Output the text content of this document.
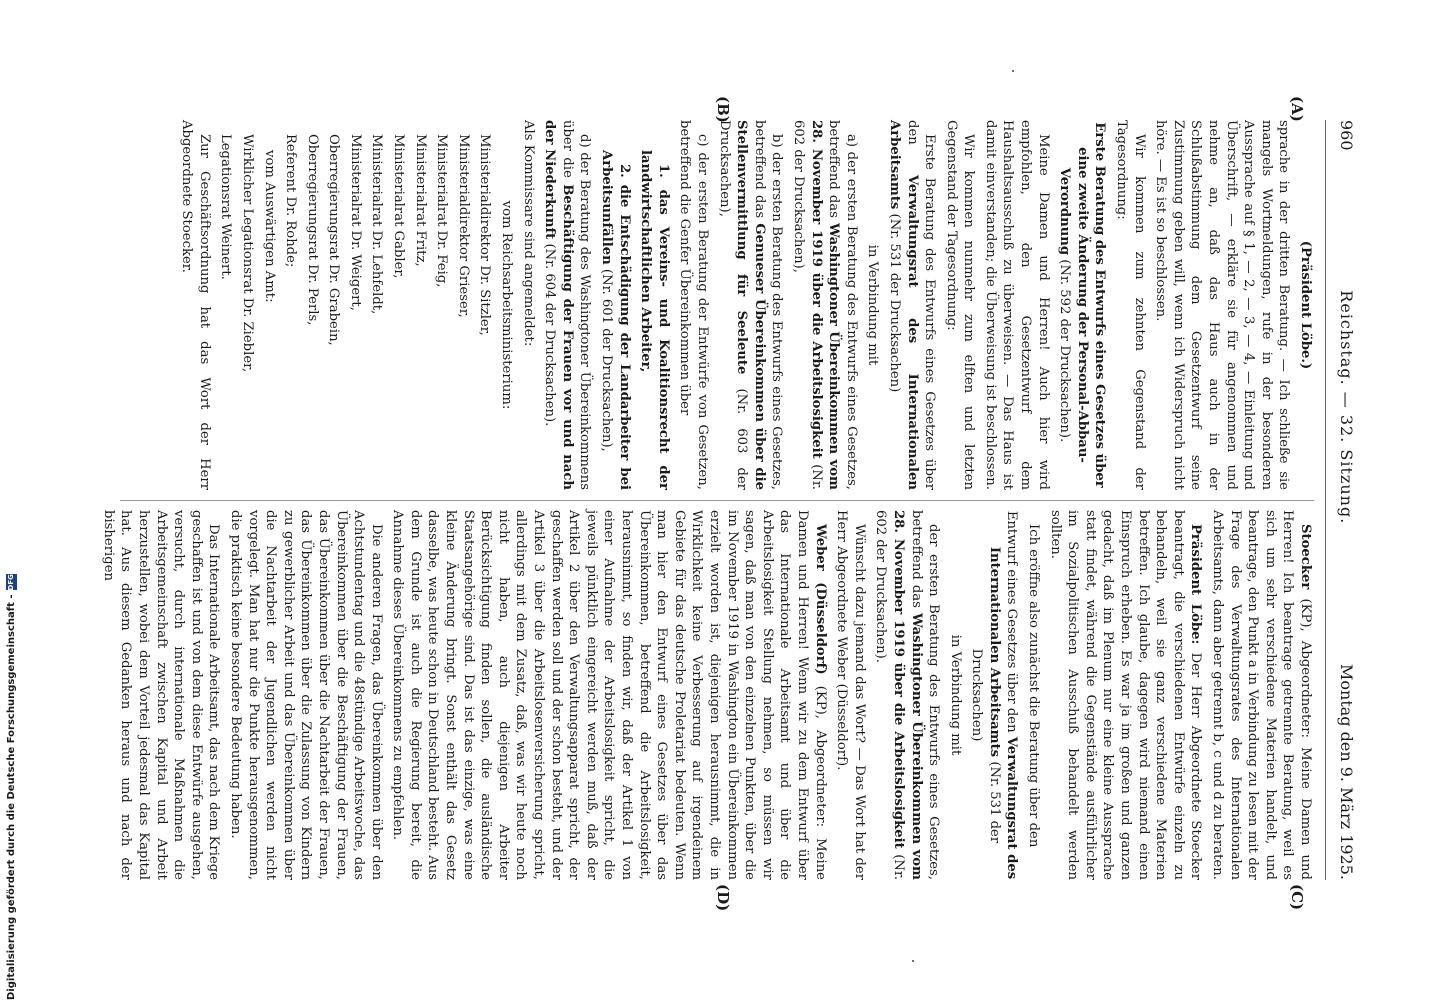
960
Reichstag. — 32. Sitzung.
Montag den 9. März 1925.
(A)
(B)
(C)
(D)

(Präsident Löbe.)

sprache in der dritten Beratung. — Ich schließe sie mangels Wortmeldungen, rufe in der besonderen Aussprache auf § 1, — 2, — 3, — 4, — Einleitung und Überschrift, — erkläre sie für angenommen und nehme an, daß das Haus auch in der Schlußabstimmung dem Gesetzentwurf seine Zustimmung geben will, wenn ich Widerspruch nicht höre. — Es ist so beschlossen.

Wir kommen zum zehnten Gegenstand der Tagesordnung:

Erste Beratung des Entwurfs eines Gesetzes über eine zweite Änderung der Personal-Abbau-Verordnung (Nr. 592 der Drucksachen).

Meine Damen und Herren! Auch hier wird empfohlen, den Gesetzentwurf dem Haushaltsausschuß zu überweisen. — Das Haus ist damit einverstanden; die Überweisung ist beschlossen.

Wir kommen nunmehr zum elften und letzten Gegenstand der Tagesordnung:

Erste Beratung des Entwurfs eines Gesetzes über den Verwaltungsrat des Internationalen Arbeitsamts (Nr. 531 der Drucksachen)

in Verbindung mit

a) der ersten Beratung des Entwurfs eines Gesetzes, betreffend das Washingtoner Übereinkommen vom 28. November 1919 über die Arbeitslosigkeit (Nr. 602 der Drucksachen),

b) der ersten Beratung des Entwurfs eines Gesetzes, betreffend das Genueser Übereinkommen über die Stellenvermittlung für Seeleute (Nr. 603 der Drucksachen),

c) der ersten Beratung der Entwürfe von Gesetzen, betreffend die Genfer Übereinkommen über

1. das Vereins- und Koalitionsrecht der landwirtschaftlichen Arbeiter,

2. die Entschädigung der Landarbeiter bei Arbeitsunfällen (Nr. 601 der Drucksachen),

d) der Beratung des Washingtoner Übereinkommens über die Beschäftigung der Frauen vor und nach der Niederkunft (Nr. 604 der Drucksachen).

Als Kommissare sind angemeldet:

vom Reichsarbeitsministerium:

Ministerialdirektor Dr. Sitzler,

Ministerialdirektor Grieser,

Ministerialrat Dr. Feig,

Ministerialrat Fritz,

Ministerialrat Gabler,

Ministerialrat Dr. Lehfeldt,

Ministerialrat Dr. Weigert,

Oberregierungsrat Dr. Grabein,

Oberregierungsrat Dr. Perls,

Referent Dr. Rohde;

vom Auswärtigen Amt:

Wirklicher Legationsrat Dr. Ziebler,

Legationsrat Weinert.

Zur Geschäftsordnung hat das Wort der Herr Abgeordnete Stoecker.

Stoecker (KP), Abgeordneter: Meine Damen und Herren! Ich beantrage getrennte Beratung, weil es sich um sehr verschiedene Materien handelt, und beantrage, den Punkt a in Verbindung zu lesen mit der Frage des Verwaltungsrates des Internationalen Arbeitsamts, dann aber getrennt b, c und d zu beraten.

Präsident Löbe: Der Herr Abgeordnete Stoecker beantragt, die verschiedenen Entwürfe einzeln zu behandeln, weil sie ganz verschiedene Materien betreffen. Ich glaube, dagegen wird niemand einen Einspruch erheben. Es war ja im großen und ganzen gedacht, daß im Plenum nur eine kleine Aussprache statt findet, während die Gegenstände ausführlicher im Sozialpolitischen Ausschuß behandelt werden sollten.

Ich eröffne also zunächst die Beratung über den

Entwurf eines Gesetzes über den Verwaltungsrat des Internationalen Arbeitsamts (Nr. 531 der Drucksachen)

in Verbindung mit

der ersten Beratung des Entwurfs eines Gesetzes, betreffend das Washingtoner Übereinkommen vom 28. November 1919 über die Arbeitslosigkeit (Nr. 602 der Drucksachen).

Wünscht dazu jemand das Wort? — Das Wort hat der Herr Abgeordnete Weber (Düsseldorf).

Weber (Düsseldorf) (KP), Abgeordneter: Meine Damen und Herren! Wenn wir zu dem Entwurf über das Internationale Arbeitsamt und über die Arbeitslosigkeit Stellung nehmen, so müssen wir sagen, daß man von den einzelnen Punkten, über die im November 1919 in Washington ein Übereinkommen erzielt worden ist, diejenigen herausnimmt, die in Wirklichkeit keine Verbesserung auf irgendeinem Gebiete für das deutsche Proletariat bedeuten. Wenn man hier den Entwurf eines Gesetzes über das Übereinkommen, betreffend die Arbeitslosigkeit, herausnimmt, so finden wir, daß der Artikel 1 von einer Aufnahme der Arbeitslosigkeit spricht, die jeweils pünktlich eingereicht werden muß, daß der Artikel 2 über den Verwaltungsapparat spricht, der geschaffen werden soll und der schon besteht, und der Artikel 3 über die Arbeitslosenversicherung spricht, allerdings mit dem Zusatz, daß, was wir heute noch nicht haben, auch diejenigen Arbeiter Berücksichtigung finden sollen, die ausländische Staatsangehörige sind. Das ist das einzige, was eine kleine Änderung bringt. Sonst enthält das Gesetz dasselbe, was heute schon in Deutschland besteht. Aus dem Grunde ist auch die Regierung bereit, die Annahme dieses Übereinkommens zu empfehlen.

Die anderen Fragen, das Übereinkommen über den Achtstundentag und die 48stündige Arbeitswoche, das Übereinkommen über die Beschäftigung der Frauen, das Übereinkommen über die Nachtarbeit der Frauen, das Übereinkommen über die Zulassung von Kindern zu gewerblicher Arbeit und das Übereinkommen über die Nachtarbeit der Jugendlichen werden nicht vorgelegt. Man hat nur die Punkte herausgenommen, die praktisch keine besondere Bedeutung haben.

Das Internationale Arbeitsamt, das nach dem Kriege geschaffen ist und von dem diese Entwürfe ausgehen, versucht, durch internationale Maßnahmen die Arbeitsgemeinschaft zwischen Kapital und Arbeit herzustellen, wobei dem Vorteil jedesmal das Kapital hat. Aus diesem Gedanken heraus und nach der bisherigen

Digitalisierung gefördert durch die Deutsche Forschungsgemeinschaft -
DFG
